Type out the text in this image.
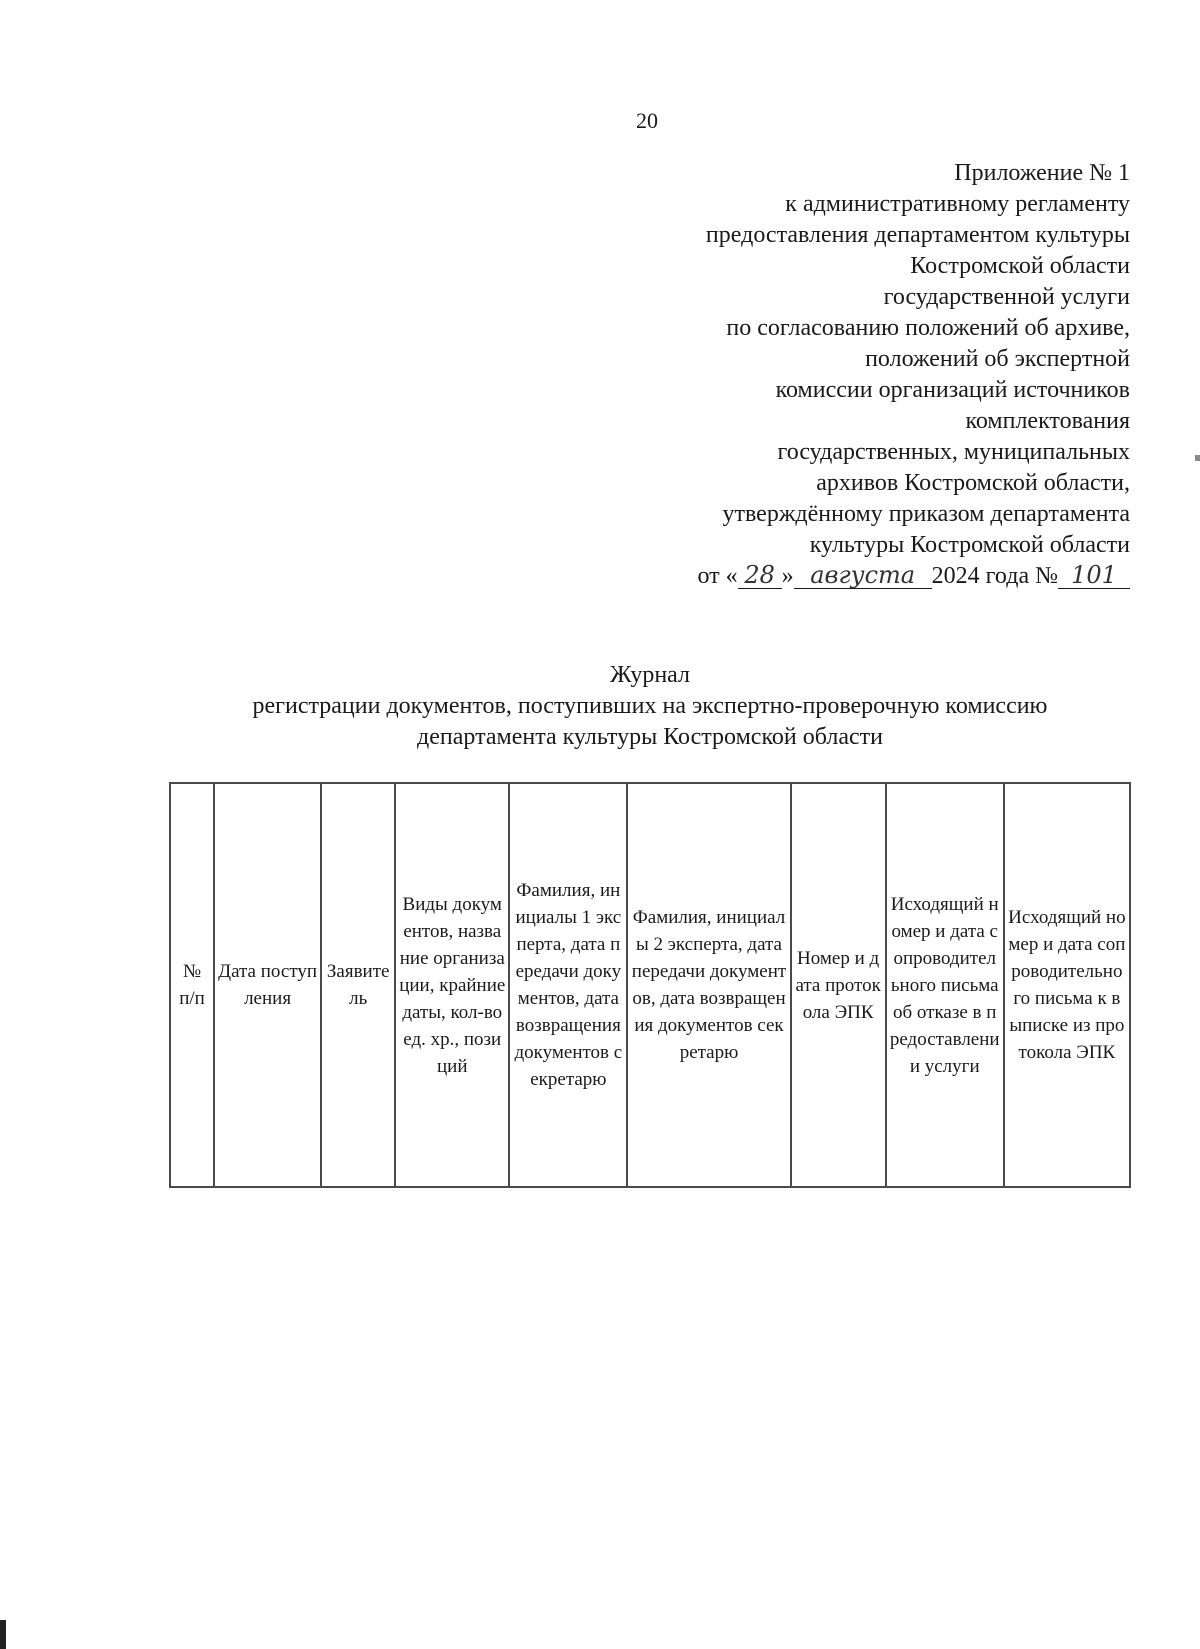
20
Приложение № 1
к административному регламенту
предоставления департаментом культуры
Костромской области
государственной услуги
по согласованию положений об архиве,
положений об экспертной
комиссии организаций источников
комплектования
государственных, муниципальных
архивов Костромской области,
утверждённому приказом департамента
культуры Костромской области
от « 28 » августа 2024 года № 101
Журнал
регистрации документов, поступивших на экспертно-проверочную комиссию
департамента культуры Костромской области
№ п/п	Дата поступления	Заявитель	Виды документов, название организации, крайние даты, кол-во ед. хр., позиций	Фамилия, инициалы 1 эксперта, дата передачи документов, дата возвращения документов секретарю	Фамилия, инициалы 2 эксперта, дата передачи документов, дата возвращения документов секретарю	Номер и дата протокола ЭПК	Исходящий номер и дата сопроводительного письма об отказе в предоставлении услуги	Исходящий номер и дата сопроводительного письма к выписке из протокола ЭПК
